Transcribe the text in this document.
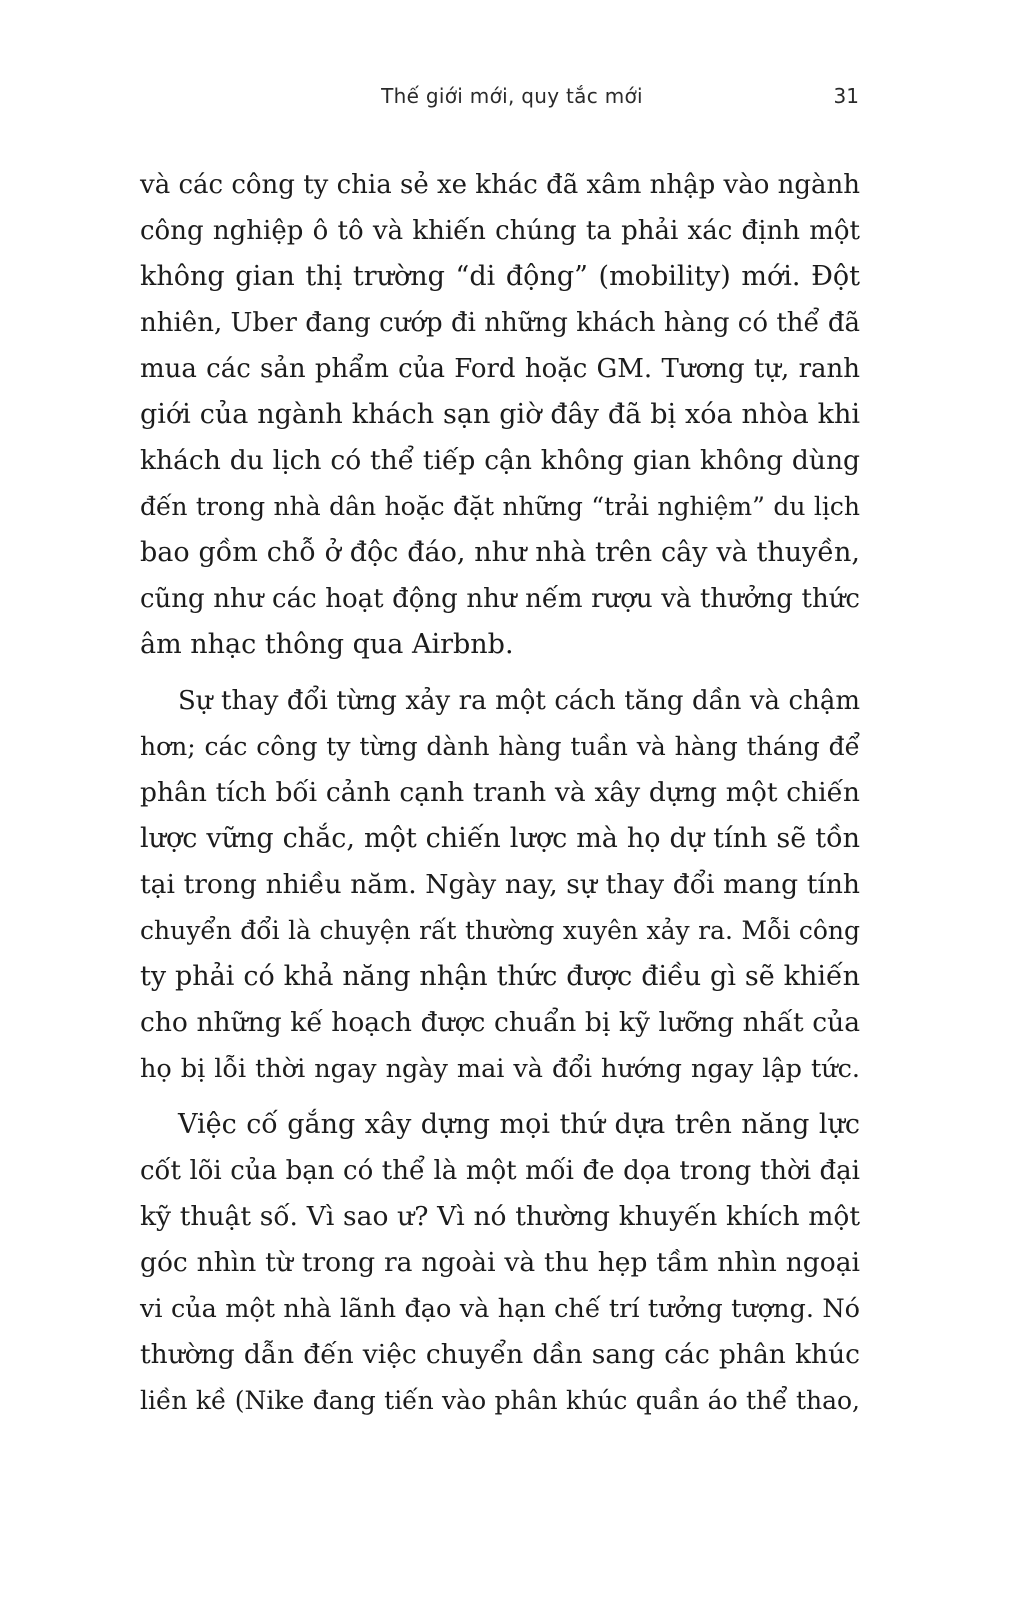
Thế giới mới, quy tắc mới	31
và các công ty chia sẻ xe khác đã xâm nhập vào ngành
công nghiệp ô tô và khiến chúng ta phải xác định một
không gian thị trường “di động” (mobility) mới. Đột
nhiên, Uber đang cướp đi những khách hàng có thể đã
mua các sản phẩm của Ford hoặc GM. Tương tự, ranh
giới của ngành khách sạn giờ đây đã bị xóa nhòa khi
khách du lịch có thể tiếp cận không gian không dùng
đến trong nhà dân hoặc đặt những “trải nghiệm” du lịch
bao gồm chỗ ở độc đáo, như nhà trên cây và thuyền,
cũng như các hoạt động như nếm rượu và thưởng thức
âm nhạc thông qua Airbnb.
Sự thay đổi từng xảy ra một cách tăng dần và chậm
hơn; các công ty từng dành hàng tuần và hàng tháng để
phân tích bối cảnh cạnh tranh và xây dựng một chiến
lược vững chắc, một chiến lược mà họ dự tính sẽ tồn
tại trong nhiều năm. Ngày nay, sự thay đổi mang tính
chuyển đổi là chuyện rất thường xuyên xảy ra. Mỗi công
ty phải có khả năng nhận thức được điều gì sẽ khiến
cho những kế hoạch được chuẩn bị kỹ lưỡng nhất của
họ bị lỗi thời ngay ngày mai và đổi hướng ngay lập tức.
Việc cố gắng xây dựng mọi thứ dựa trên năng lực
cốt lõi của bạn có thể là một mối đe dọa trong thời đại
kỹ thuật số. Vì sao ư? Vì nó thường khuyến khích một
góc nhìn từ trong ra ngoài và thu hẹp tầm nhìn ngoại
vi của một nhà lãnh đạo và hạn chế trí tưởng tượng. Nó
thường dẫn đến việc chuyển dần sang các phân khúc
liền kề (Nike đang tiến vào phân khúc quần áo thể thao,
